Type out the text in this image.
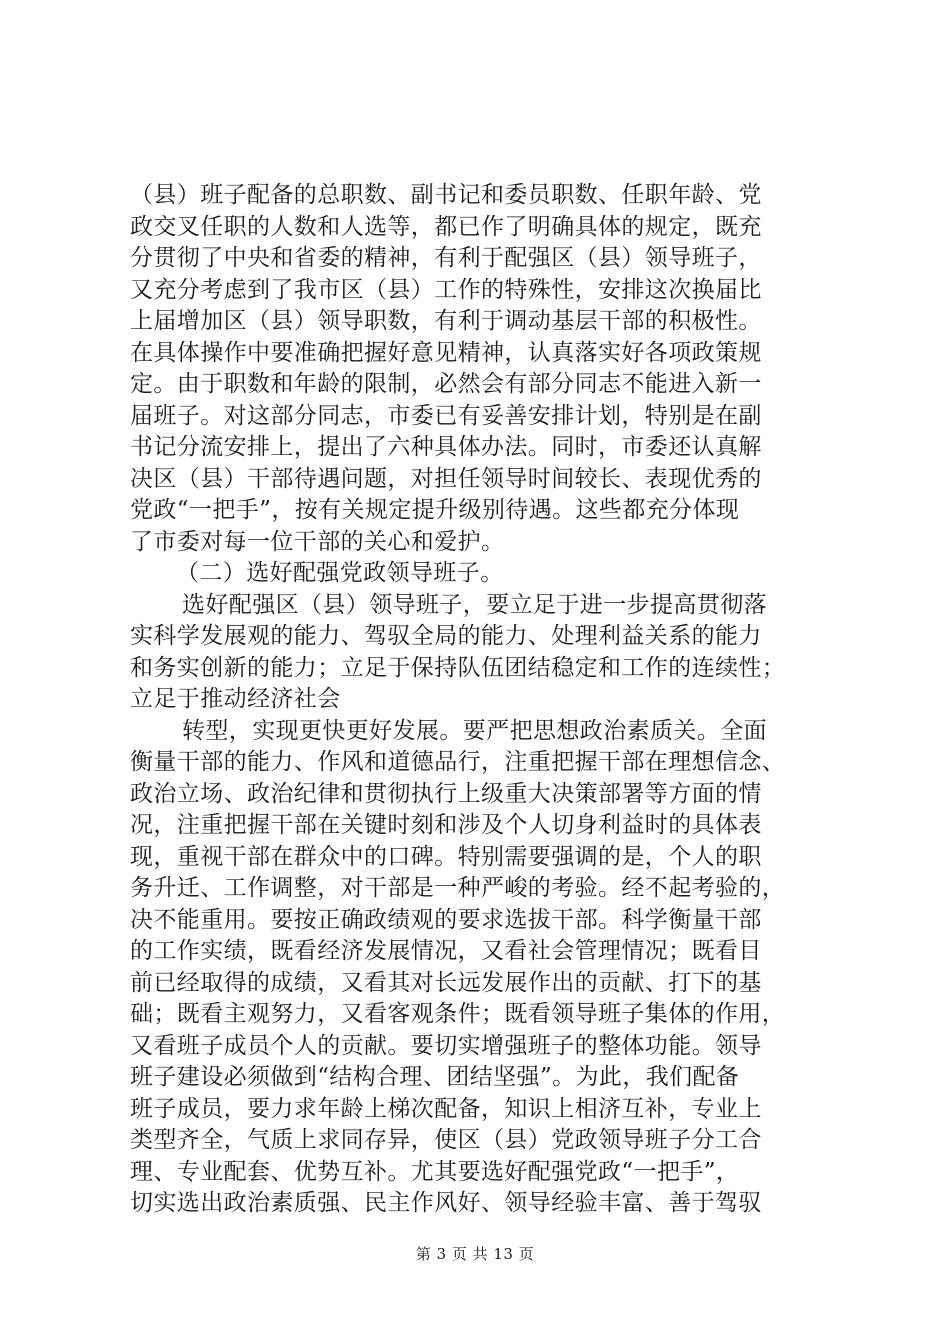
（县）班子配备的总职数、副书记和委员职数、任职年龄、党
政交叉任职的人数和人选等，都已作了明确具体的规定，既充
分贯彻了中央和省委的精神，有利于配强区（县）领导班子，
又充分考虑到了我市区（县）工作的特殊性，安排这次换届比
上届增加区（县）领导职数，有利于调动基层干部的积极性。
在具体操作中要准确把握好意见精神，认真落实好各项政策规
定。由于职数和年龄的限制，必然会有部分同志不能进入新一
届班子。对这部分同志，市委已有妥善安排计划，特别是在副
书记分流安排上，提出了六种具体办法。同时，市委还认真解
决区（县）干部待遇问题，对担任领导时间较长、表现优秀的
党政“一把手”，按有关规定提升级别待遇。这些都充分体现
了市委对每一位干部的关心和爱护。
（二）选好配强党政领导班子。
选好配强区（县）领导班子，要立足于进一步提高贯彻落
实科学发展观的能力、驾驭全局的能力、处理利益关系的能力
和务实创新的能力；立足于保持队伍团结稳定和工作的连续性；
立足于推动经济社会
转型，实现更快更好发展。要严把思想政治素质关。全面
衡量干部的能力、作风和道德品行，注重把握干部在理想信念、
政治立场、政治纪律和贯彻执行上级重大决策部署等方面的情
况，注重把握干部在关键时刻和涉及个人切身利益时的具体表
现，重视干部在群众中的口碑。特别需要强调的是，个人的职
务升迁、工作调整，对干部是一种严峻的考验。经不起考验的，
决不能重用。要按正确政绩观的要求选拔干部。科学衡量干部
的工作实绩，既看经济发展情况，又看社会管理情况；既看目
前已经取得的成绩，又看其对长远发展作出的贡献、打下的基
础；既看主观努力，又看客观条件；既看领导班子集体的作用，
又看班子成员个人的贡献。要切实增强班子的整体功能。领导
班子建设必须做到“结构合理、团结坚强”。为此，我们配备
班子成员，要力求年龄上梯次配备，知识上相济互补，专业上
类型齐全，气质上求同存异，使区（县）党政领导班子分工合
理、专业配套、优势互补。尤其要选好配强党政“一把手”，
切实选出政治素质强、民主作风好、领导经验丰富、善于驾驭
第 3 页 共 13 页
